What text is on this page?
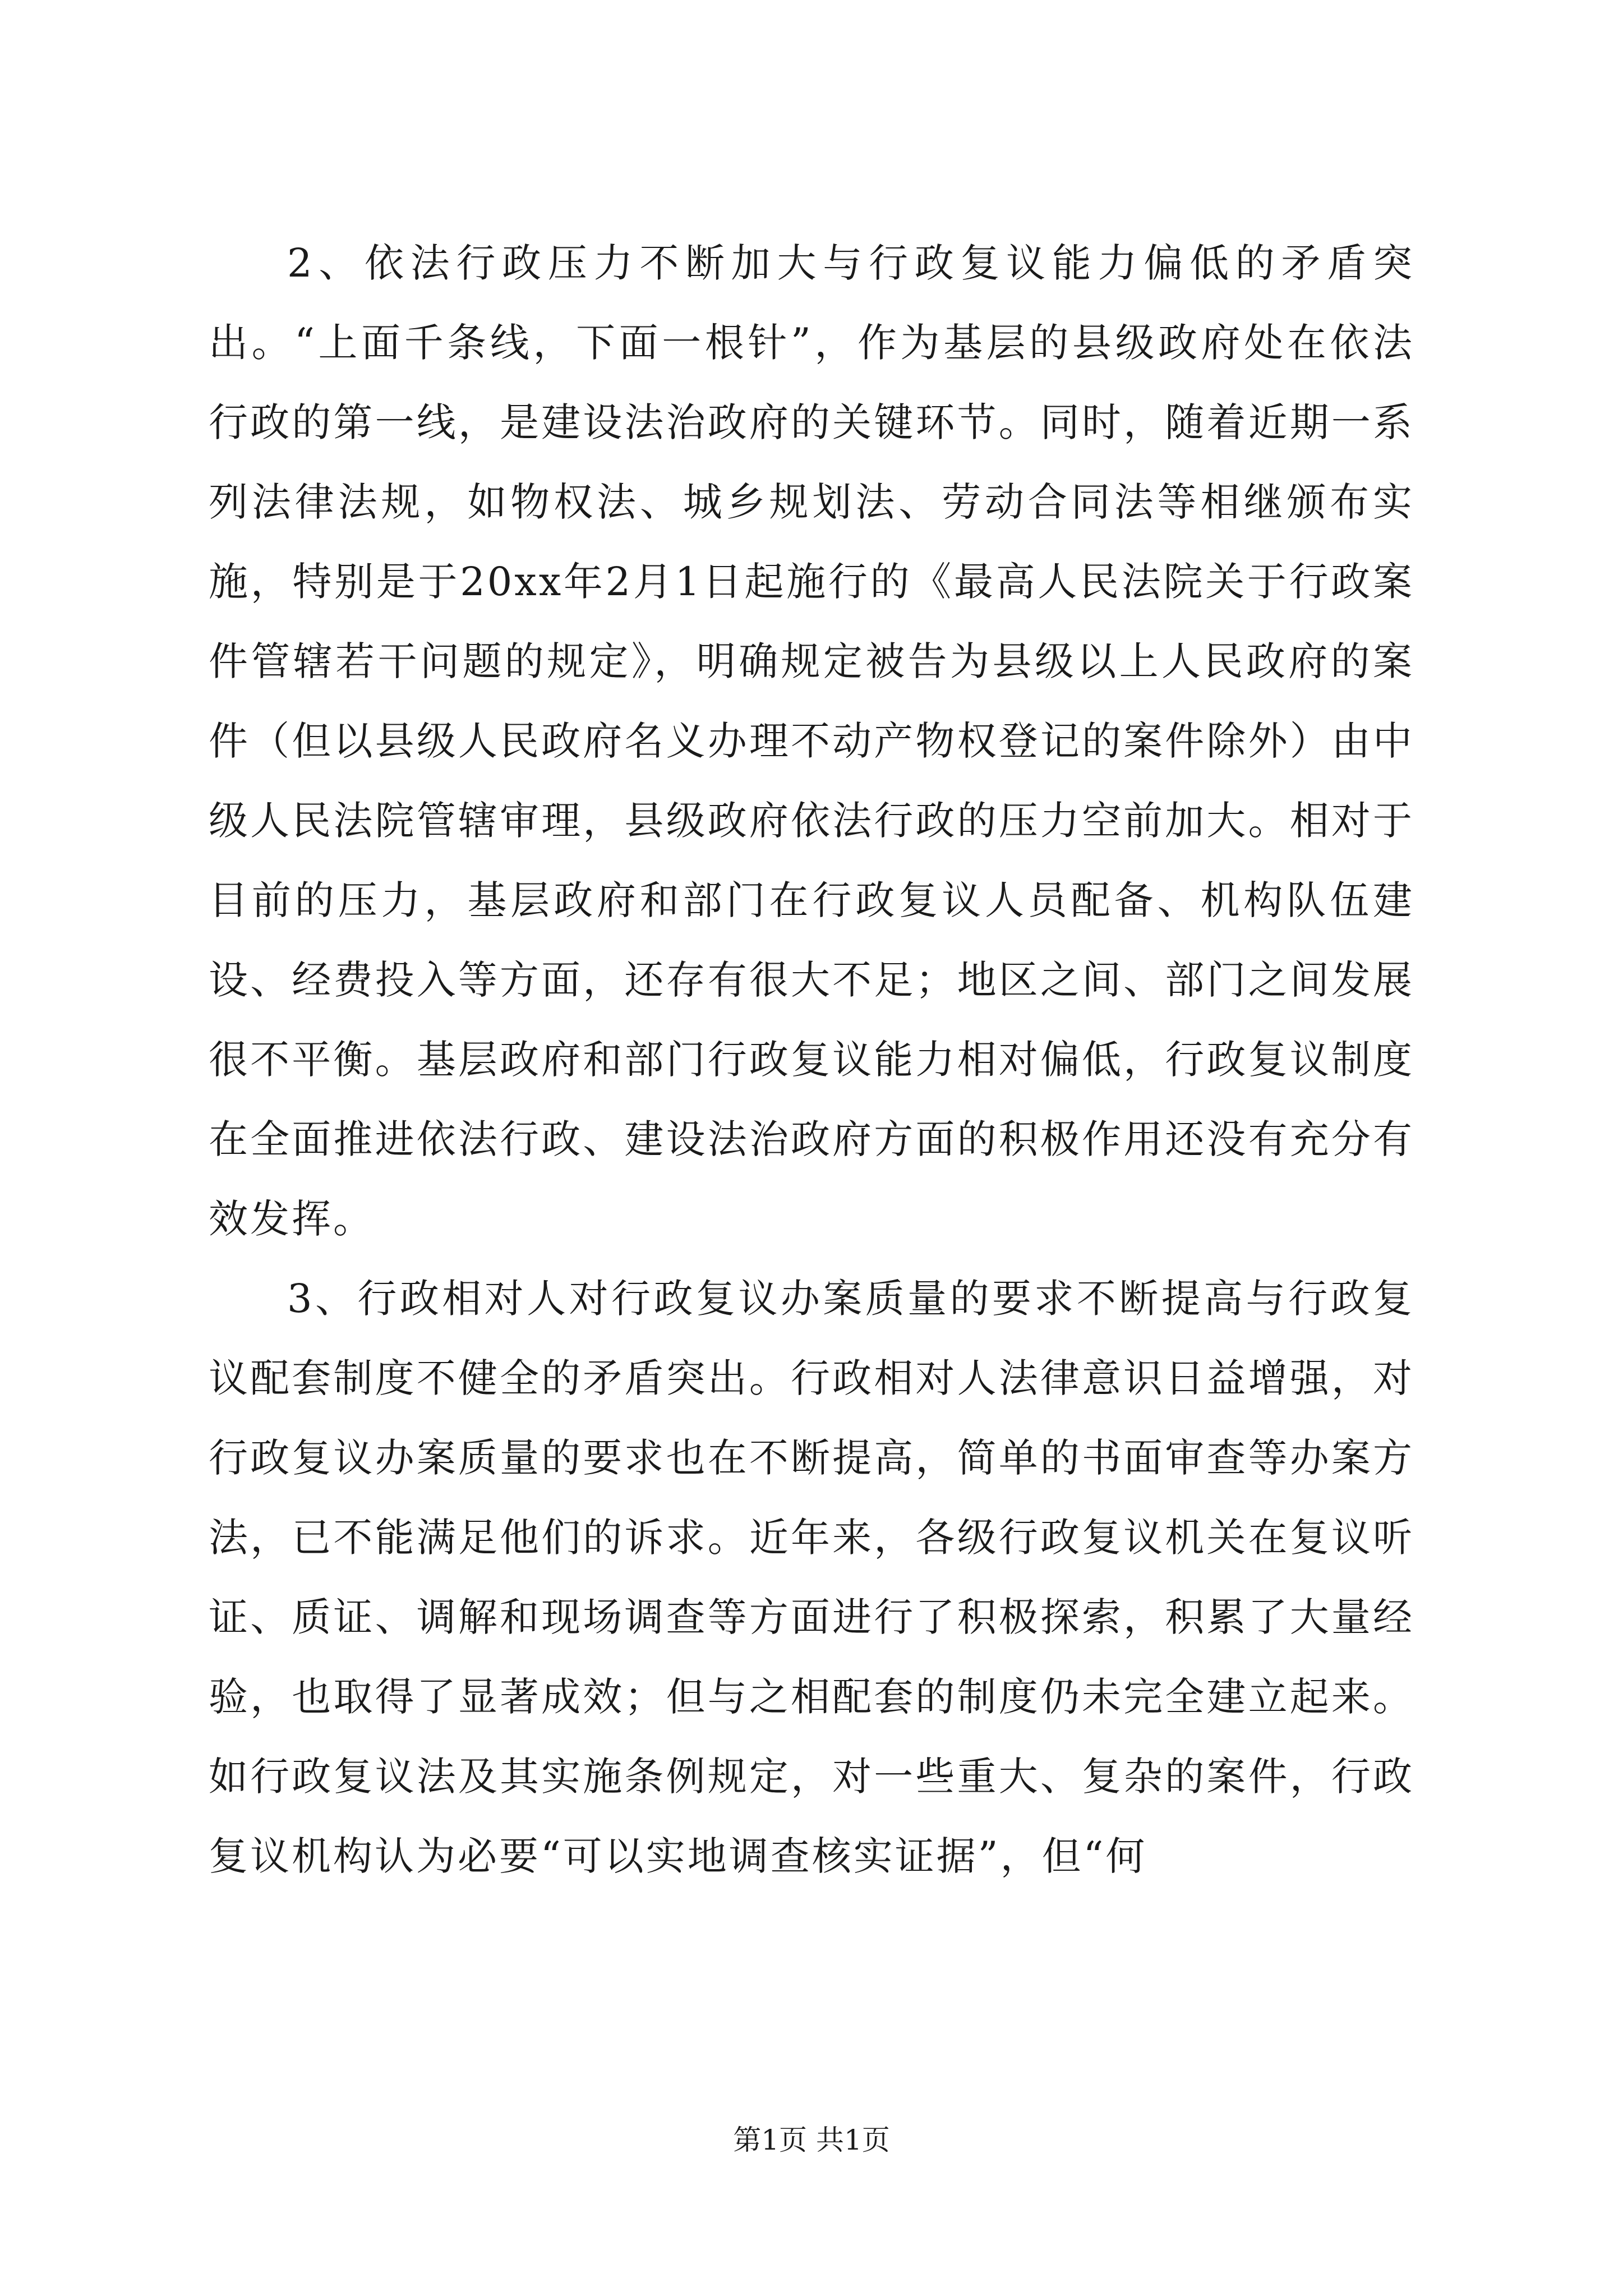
2、依法行政压力不断加大与行政复议能力偏低的矛盾突出。“上面千条线，下面一根针”，作为基层的县级政府处在依法行政的第一线，是建设法治政府的关键环节。同时，随着近期一系列法律法规，如物权法、城乡规划法、劳动合同法等相继颁布实施，特别是于20xx年2月1日起施行的《最高人民法院关于行政案件管辖若干问题的规定》，明确规定被告为县级以上人民政府的案件（但以县级人民政府名义办理不动产物权登记的案件除外）由中级人民法院管辖审理，县级政府依法行政的压力空前加大。相对于目前的压力，基层政府和部门在行政复议人员配备、机构队伍建设、经费投入等方面，还存有很大不足；地区之间、部门之间发展很不平衡。基层政府和部门行政复议能力相对偏低，行政复议制度在全面推进依法行政、建设法治政府方面的积极作用还没有充分有效发挥。

3、行政相对人对行政复议办案质量的要求不断提高与行政复议配套制度不健全的矛盾突出。行政相对人法律意识日益增强，对行政复议办案质量的要求也在不断提高，简单的书面审查等办案方法，已不能满足他们的诉求。近年来，各级行政复议机关在复议听证、质证、调解和现场调查等方面进行了积极探索，积累了大量经验，也取得了显著成效；但与之相配套的制度仍未完全建立起来。如行政复议法及其实施条例规定，对一些重大、复杂的案件，行政复议机构认为必要“可以实地调查核实证据”，但“何

第1页 共1页
